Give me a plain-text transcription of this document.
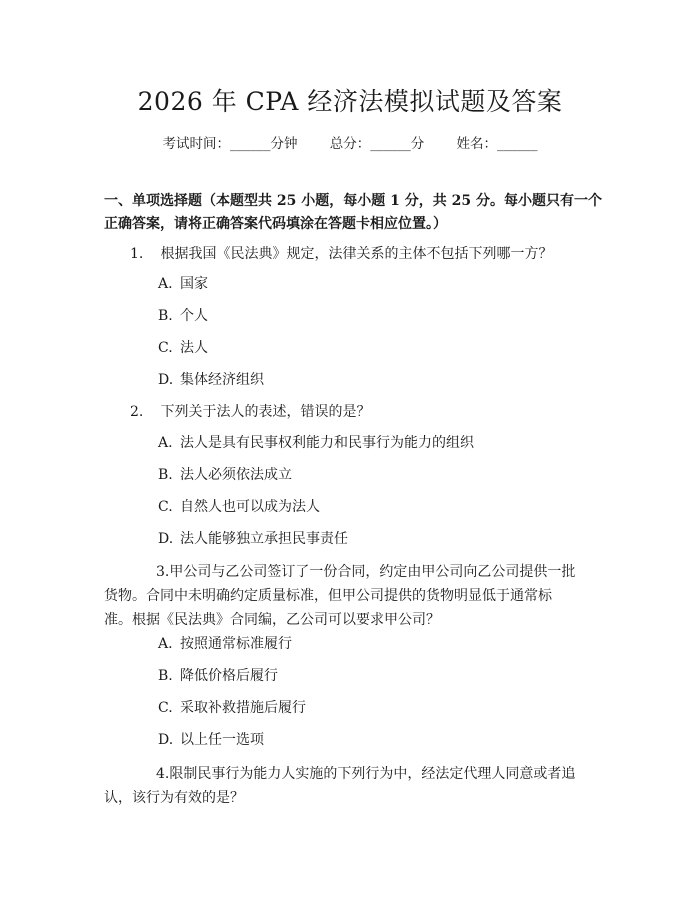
2026 年 CPA 经济法模拟试题及答案
考试时间：______分钟 总分：______分 姓名：______
一、单项选择题（本题型共 25 小题，每小题 1 分，共 25 分。每小题只有一个正确答案，请将正确答案代码填涂在答题卡相应位置。）
1. 根据我国《民法典》规定，法律关系的主体不包括下列哪一方？
A. 国家
B. 个人
C. 法人
D. 集体经济组织
2. 下列关于法人的表述，错误的是？
A. 法人是具有民事权利能力和民事行为能力的组织
B. 法人必须依法成立
C. 自然人也可以成为法人
D. 法人能够独立承担民事责任
3.甲公司与乙公司签订了一份合同，约定由甲公司向乙公司提供一批货物。合同中未明确约定质量标准，但甲公司提供的货物明显低于通常标准。根据《民法典》合同编，乙公司可以要求甲公司？
A. 按照通常标准履行
B. 降低价格后履行
C. 采取补救措施后履行
D. 以上任一选项
4.限制民事行为能力人实施的下列行为中，经法定代理人同意或者追认，该行为有效的是？
